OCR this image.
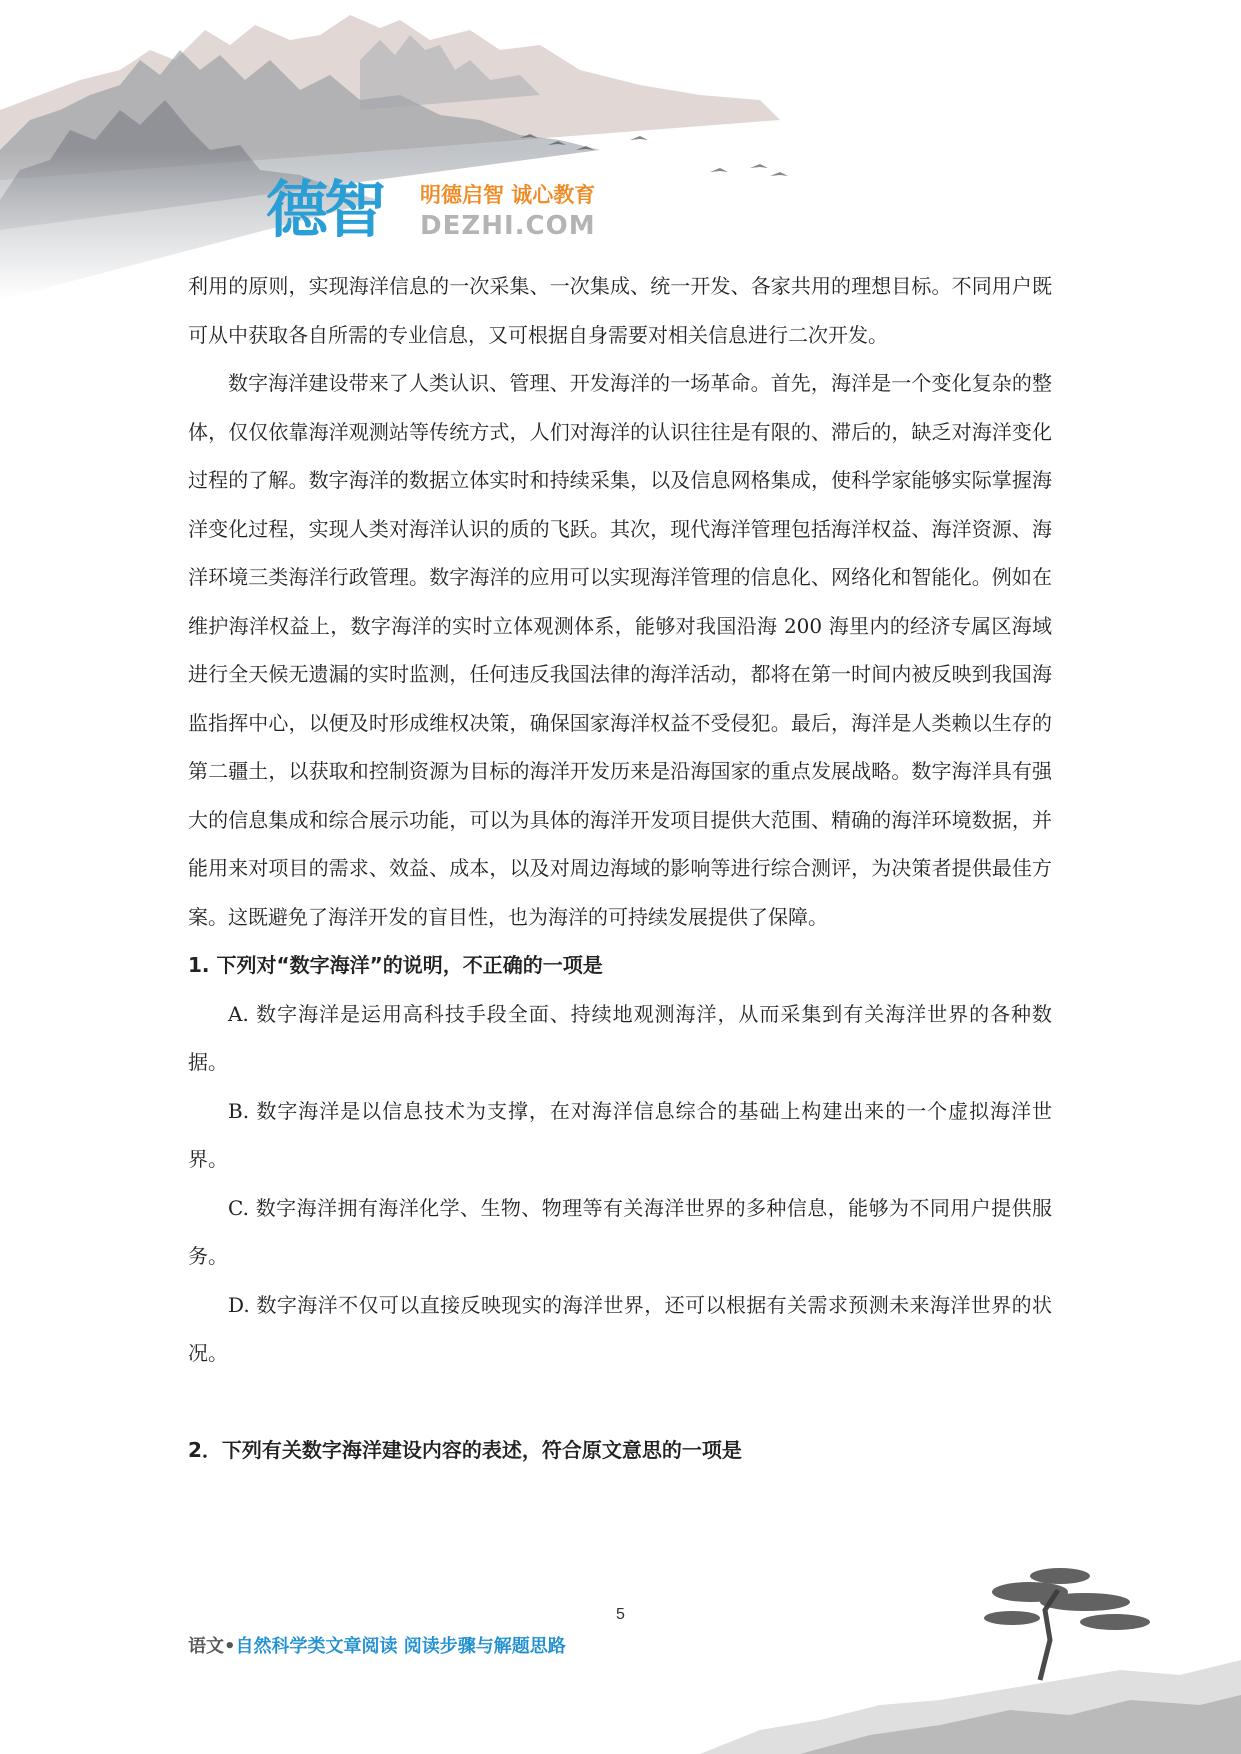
德智 明德启智 诚心教育
DEZHI.COM

利用的原则，实现海洋信息的一次采集、一次集成、统一开发、各家共用的理想目标。不同用户既可从中获取各自所需的专业信息，又可根据自身需要对相关信息进行二次开发。

数字海洋建设带来了人类认识、管理、开发海洋的一场革命。首先，海洋是一个变化复杂的整体，仅仅依靠海洋观测站等传统方式，人们对海洋的认识往往是有限的、滞后的，缺乏对海洋变化过程的了解。数字海洋的数据立体实时和持续采集，以及信息网格集成，使科学家能够实际掌握海洋变化过程，实现人类对海洋认识的质的飞跃。其次，现代海洋管理包括海洋权益、海洋资源、海洋环境三类海洋行政管理。数字海洋的应用可以实现海洋管理的信息化、网络化和智能化。例如在维护海洋权益上，数字海洋的实时立体观测体系，能够对我国沿海 200 海里内的经济专属区海域进行全天候无遗漏的实时监测，任何违反我国法律的海洋活动，都将在第一时间内被反映到我国海监指挥中心，以便及时形成维权决策，确保国家海洋权益不受侵犯。最后，海洋是人类赖以生存的第二疆土，以获取和控制资源为目标的海洋开发历来是沿海国家的重点发展战略。数字海洋具有强大的信息集成和综合展示功能，可以为具体的海洋开发项目提供大范围、精确的海洋环境数据，并能用来对项目的需求、效益、成本，以及对周边海域的影响等进行综合测评，为决策者提供最佳方案。这既避免了海洋开发的盲目性，也为海洋的可持续发展提供了保障。

1. 下列对“数字海洋”的说明，不正确的一项是

A. 数字海洋是运用高科技手段全面、持续地观测海洋，从而采集到有关海洋世界的各种数据。

B. 数字海洋是以信息技术为支撑，在对海洋信息综合的基础上构建出来的一个虚拟海洋世界。

C. 数字海洋拥有海洋化学、生物、物理等有关海洋世界的多种信息，能够为不同用户提供服务。

D. 数字海洋不仅可以直接反映现实的海洋世界，还可以根据有关需求预测未来海洋世界的状况。

2．下列有关数字海洋建设内容的表述，符合原文意思的一项是

5
语文•自然科学类文章阅读 阅读步骤与解题思路
